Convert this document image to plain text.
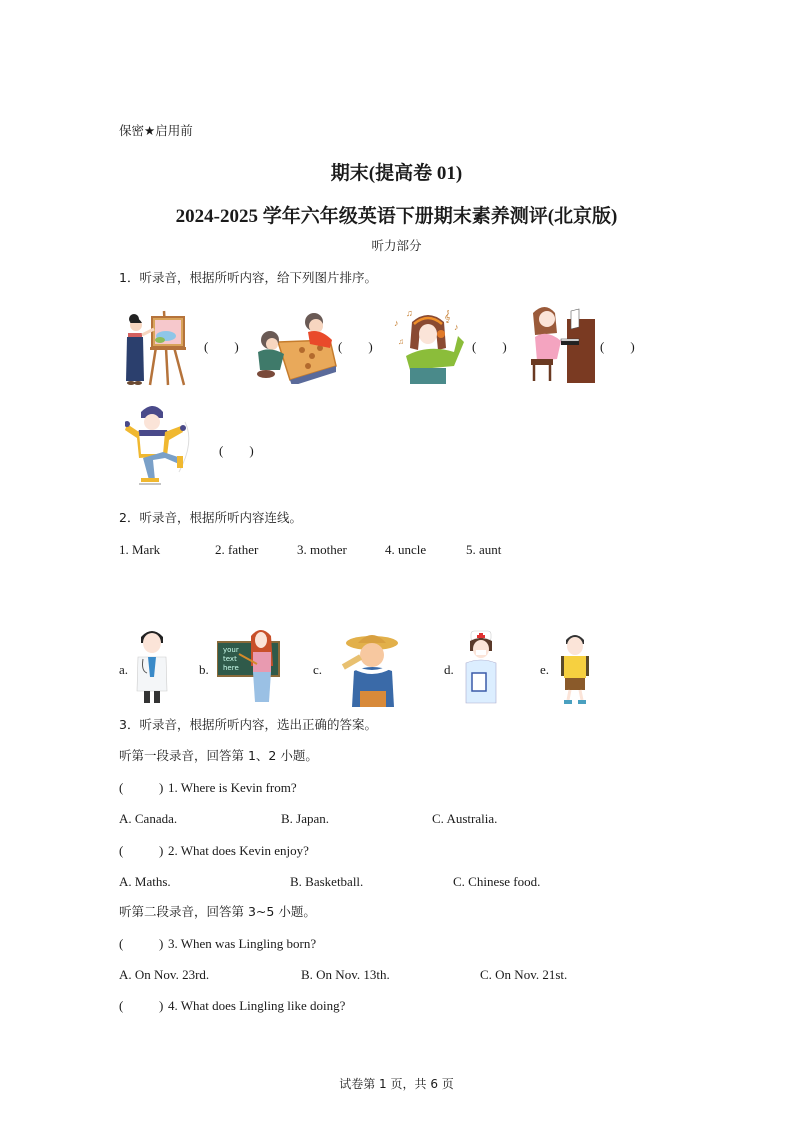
保密★启用前
期末(提高卷 01)
2024-2025 学年六年级英语下册期末素养测评(北京版)
听力部分
1．听录音，根据所听内容，给下列图片排序。
( )	( )
♪
♫	𝄞
♪
♫	( )	( )
( )
2．听录音，根据所听内容连线。
1. Mark	2. father	3. mother	4. uncle	5. aunt
a.	b.
your
text
here	c.	d.	e.
3．听录音，根据所听内容，选出正确的答案。
听第一段录音，回答第 1、2 小题。
(	) 1. Where is Kevin from?
A. Canada.	B. Japan.	C. Australia.
(	) 2. What does Kevin enjoy?
A. Maths.	B. Basketball.	C. Chinese food.
听第二段录音，回答第 3~5 小题。
(	) 3. When was Lingling born?
A. On Nov. 23rd.	B. On Nov. 13th.	C. On Nov. 21st.
(	) 4. What does Lingling like doing?
试卷第 1 页，共 6 页
